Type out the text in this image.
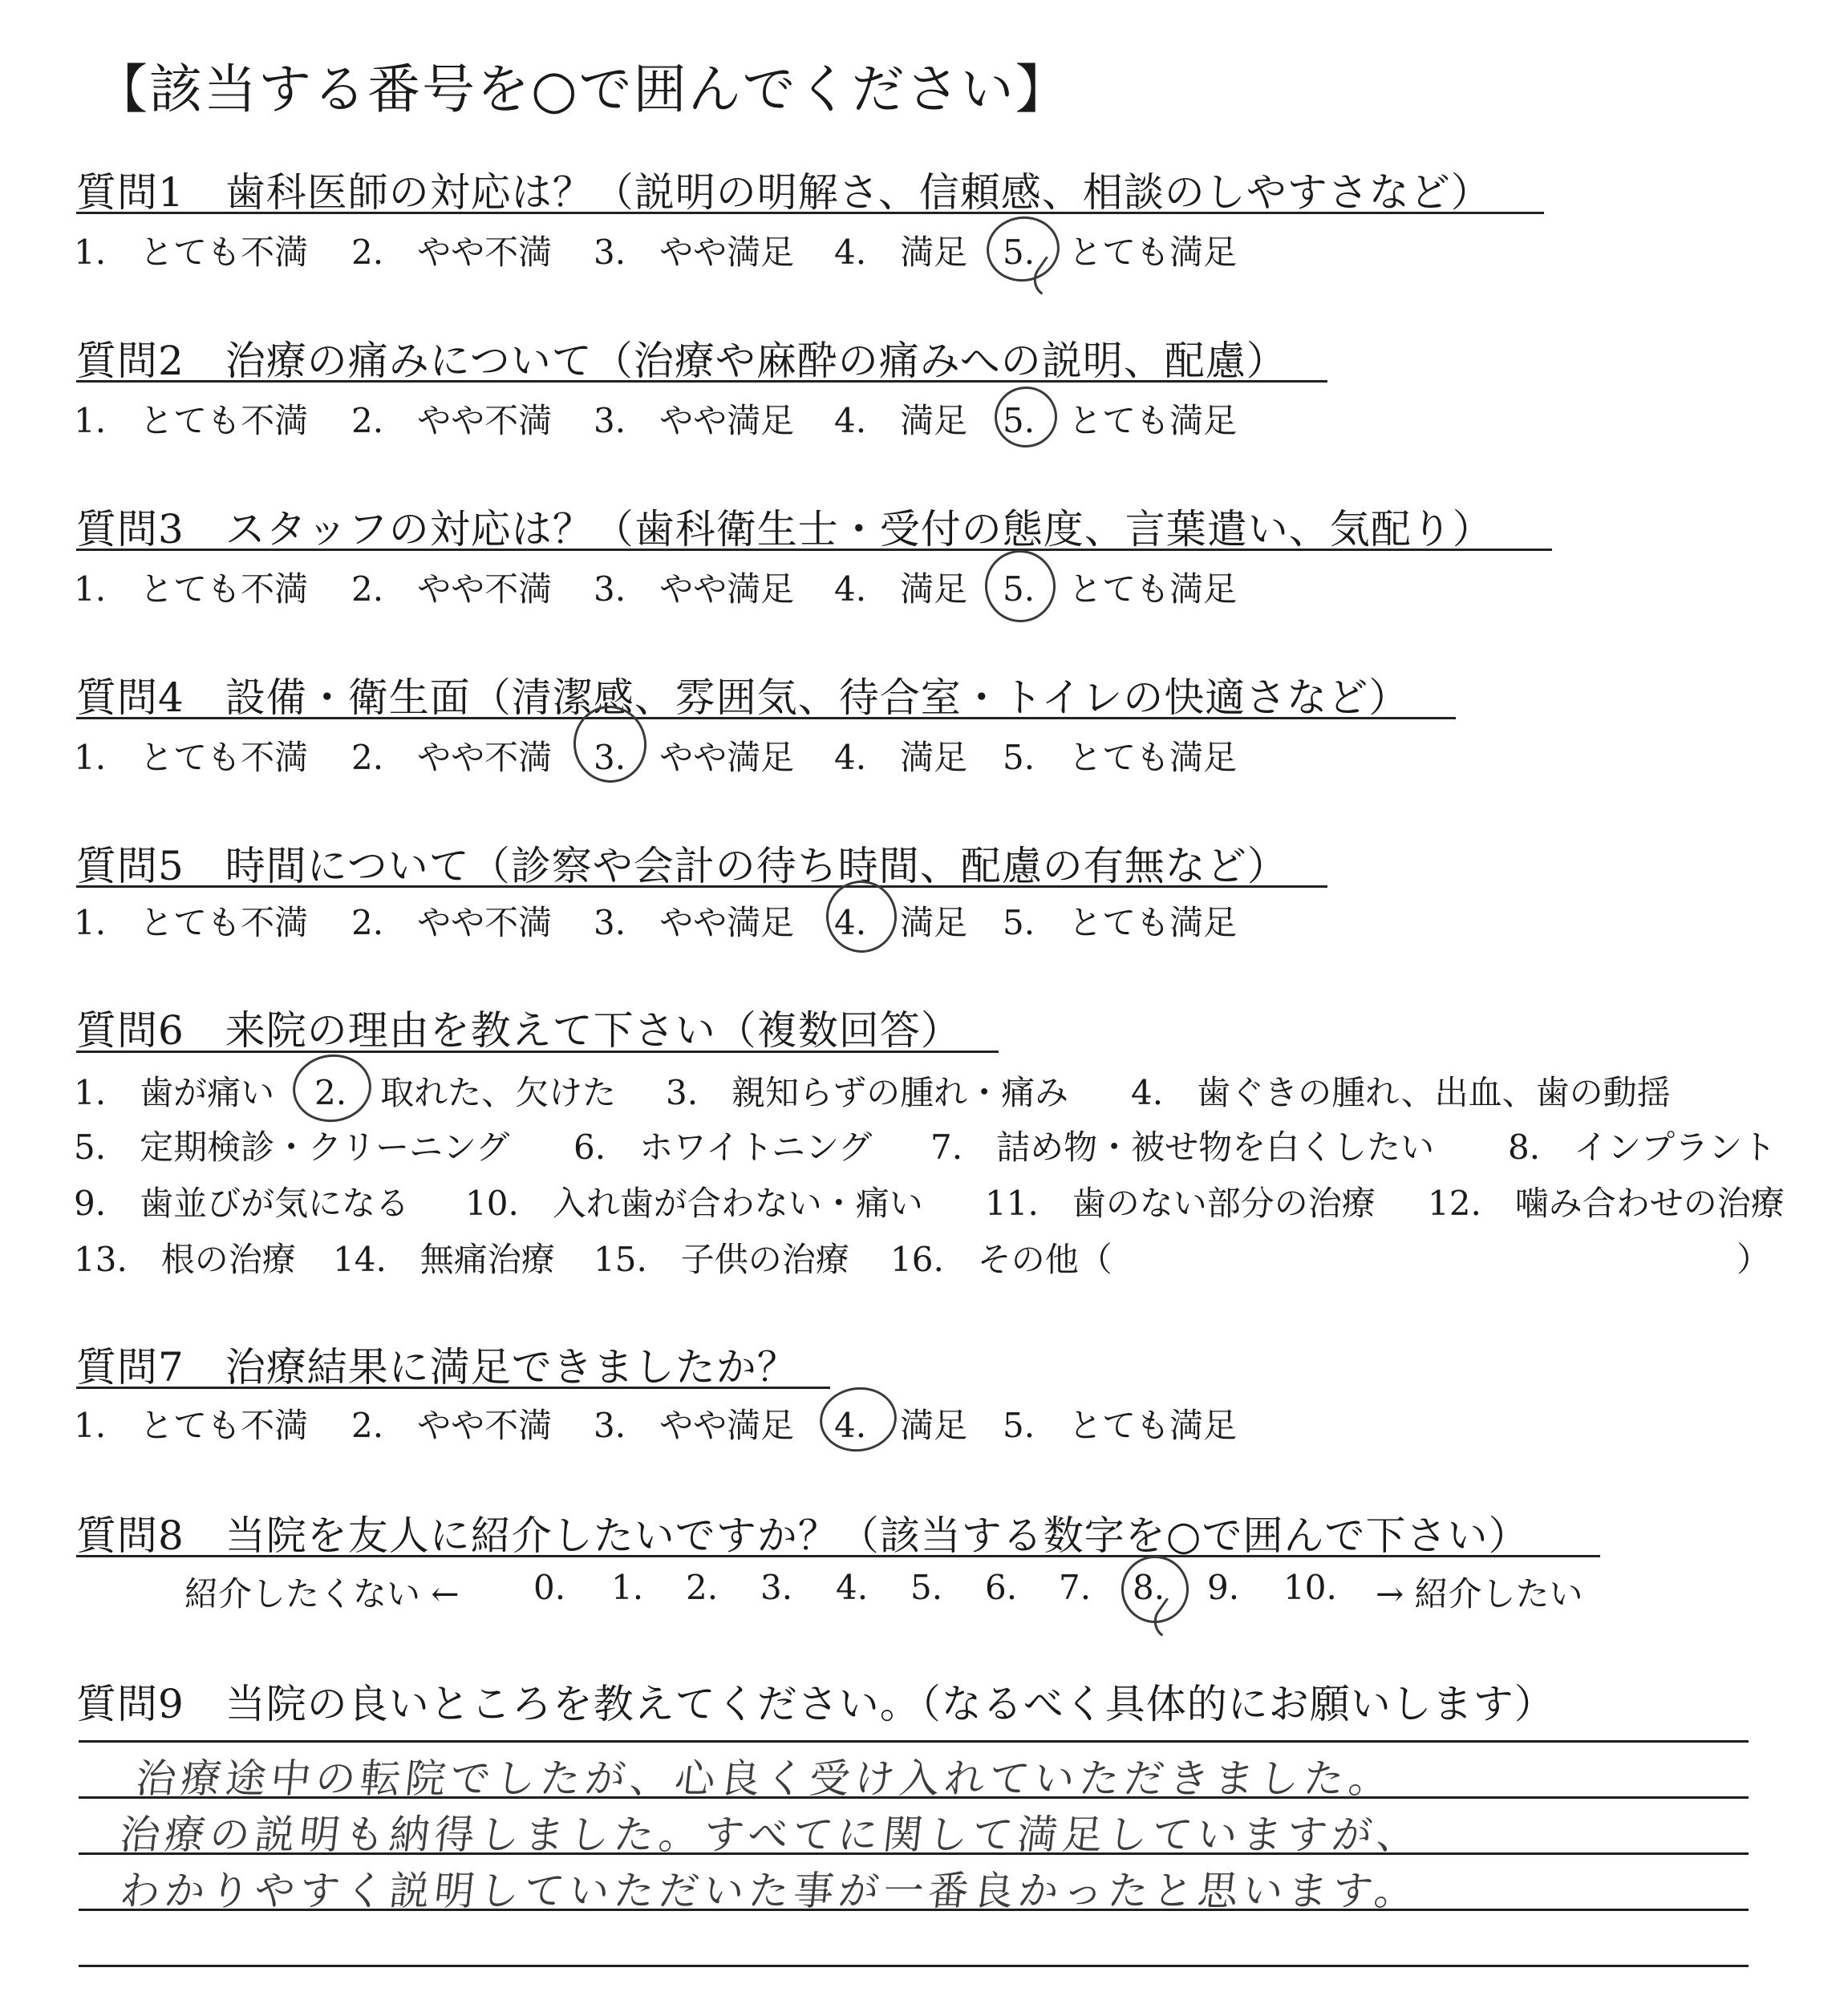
【該当する番号を○で囲んでください】
質問1　歯科医師の対応は？（説明の明解さ、信頼感、相談のしやすさなど）
1.　とても不満 2.　やや不満 3.　やや満足 4.　満足 5.　とても満足
質問2　治療の痛みについて（治療や麻酔の痛みへの説明、配慮）
1.　とても不満 2.　やや不満 3.　やや満足 4.　満足 5.　とても満足
質問3　スタッフの対応は？（歯科衛生士・受付の態度、言葉遣い、気配り）
1.　とても不満 2.　やや不満 3.　やや満足 4.　満足 5.　とても満足
質問4　設備・衛生面（清潔感、雰囲気、待合室・トイレの快適さなど）
1.　とても不満 2.　やや不満 3.　やや満足 4.　満足 5.　とても満足
質問5　時間について（診察や会計の待ち時間、配慮の有無など）
1.　とても不満 2.　やや不満 3.　やや満足 4.　満足 5.　とても満足
質問6　来院の理由を教えて下さい（複数回答）
1.　歯が痛い 2.　取れた、欠けた 3.　親知らずの腫れ・痛み 4.　歯ぐきの腫れ、出血、歯の動揺
5.　定期検診・クリーニング 6.　ホワイトニング 7.　詰め物・被せ物を白くしたい 8.　インプラント
9.　歯並びが気になる 10.　入れ歯が合わない・痛い 11.　歯のない部分の治療 12.　噛み合わせの治療
13.　根の治療 14.　無痛治療 15.　子供の治療 16.　その他（	）
質問7　治療結果に満足できましたか？
1.　とても不満 2.　やや不満 3.　やや満足 4.　満足 5.　とても満足
質問8　当院を友人に紹介したいですか？（該当する数字を○で囲んで下さい）
紹介したくない ← 0. 1. 2. 3. 4. 5. 6. 7. 8. 9. 10. → 紹介したい
質問9　当院の良いところを教えてください。（なるべく具体的にお願いします）
治療途中の転院でしたが、心良く受け入れていただきました。
治療の説明も納得しました。すべてに関して満足していますが、
わかりやすく説明していただいた事が一番良かったと思います。
